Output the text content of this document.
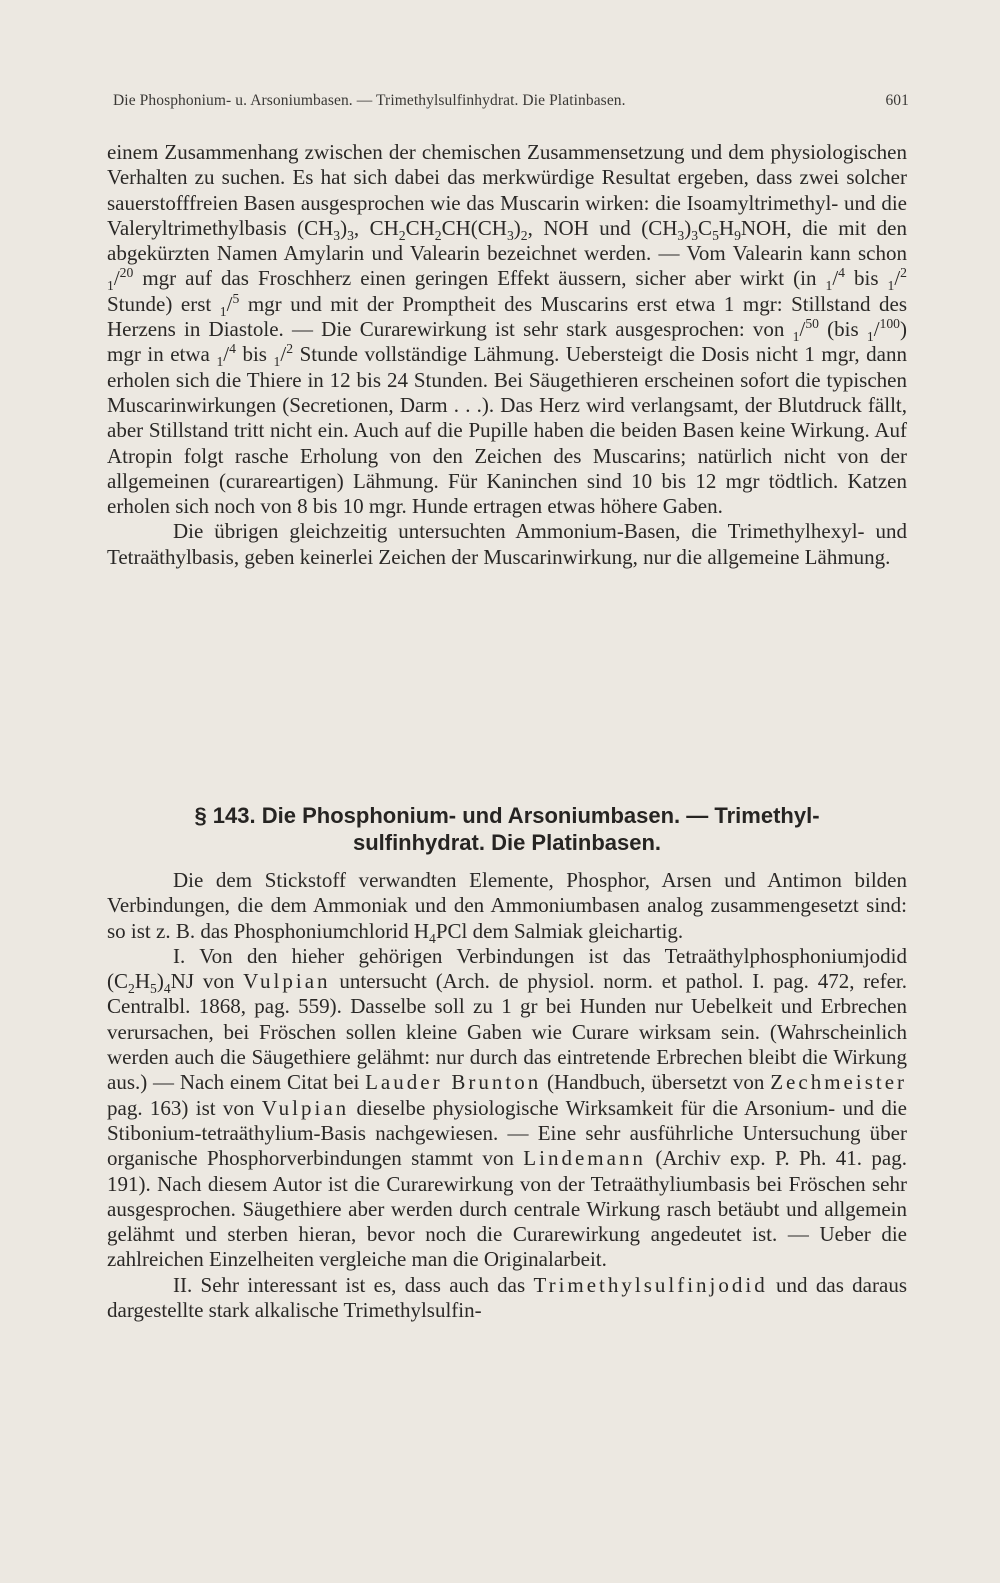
Die Phosphonium- u. Arsoniumbasen. — Trimethylsulfinhydrat. Die Platinbasen.	601

einem Zusammenhang zwischen der chemischen Zusammensetzung und dem physiologischen Verhalten zu suchen. Es hat sich dabei das merkwürdige Resultat ergeben, dass zwei solcher sauerstofffreien Basen ausgesprochen wie das Muscarin wirken: die Isoamyltrimethyl- und die Valeryltrimethylbasis $(CH_3)_3$, $CH_2CH_2CH(CH_3)_2$, NOH und $(CH_3)_3C_5H_9NOH$, die mit den abgekürzten Namen Amylarin und Valearin bezeichnet werden. — Vom Valearin kann schon $_1$/$^{20}$ mgr auf das Froschherz einen geringen Effekt äussern, sicher aber wirkt (in $_1$/$^4$ bis $_1$/$^2$ Stunde) erst $_1$/$^5$ mgr und mit der Promptheit des Muscarins erst etwa 1 mgr: Stillstand des Herzens in Diastole. — Die Curarewirkung ist sehr stark ausgesprochen: von $_1$/$^{50}$ (bis $_1$/$^{100}$) mgr in etwa $_1$/$^4$ bis $_1$/$^2$ Stunde vollständige Lähmung. Uebersteigt die Dosis nicht 1 mgr, dann erholen sich die Thiere in 12 bis 24 Stunden. Bei Säugethieren erscheinen sofort die typischen Muscarinwirkungen (Secretionen, Darm . . .). Das Herz wird verlangsamt, der Blutdruck fällt, aber Stillstand tritt nicht ein. Auch auf die Pupille haben die beiden Basen keine Wirkung. Auf Atropin folgt rasche Erholung von den Zeichen des Muscarins; natürlich nicht von der allgemeinen (curareartigen) Lähmung. Für Kaninchen sind 10 bis 12 mgr tödtlich. Katzen erholen sich noch von 8 bis 10 mgr. Hunde ertragen etwas höhere Gaben.

Die übrigen gleichzeitig untersuchten Ammonium-Basen, die Trimethylhexyl- und Tetraäthylbasis, geben keinerlei Zeichen der Muscarinwirkung, nur die allgemeine Lähmung.

§ 143. Die Phosphonium- und Arsoniumbasen. — Trimethyl-
sulfinhydrat. Die Platinbasen.

Die dem Stickstoff verwandten Elemente, Phosphor, Arsen und Antimon bilden Verbindungen, die dem Ammoniak und den Ammoniumbasen analog zusammengesetzt sind: so ist z. B. das Phosphoniumchlorid $H_4PCl$ dem Salmiak gleichartig.

I. Von den hieher gehörigen Verbindungen ist das Tetraäthylphosphoniumjodid $(C_2H_5)_4NJ$ von Vulpian untersucht (Arch. de physiol. norm. et pathol. I. pag. 472, refer. Centralbl. 1868, pag. 559). Dasselbe soll zu 1 gr bei Hunden nur Uebelkeit und Erbrechen verursachen, bei Fröschen sollen kleine Gaben wie Curare wirksam sein. (Wahrscheinlich werden auch die Säugethiere gelähmt: nur durch das eintretende Erbrechen bleibt die Wirkung aus.) — Nach einem Citat bei Lauder Brunton (Handbuch, übersetzt von Zechmeister pag. 163) ist von Vulpian dieselbe physiologische Wirksamkeit für die Arsonium- und die Stibonium-tetraäthylium-Basis nachgewiesen. — Eine sehr ausführliche Untersuchung über organische Phosphorverbindungen stammt von Lindemann (Archiv exp. P. Ph. 41. pag. 191). Nach diesem Autor ist die Curarewirkung von der Tetraäthyliumbasis bei Fröschen sehr ausgesprochen. Säugethiere aber werden durch centrale Wirkung rasch betäubt und allgemein gelähmt und sterben hieran, bevor noch die Curarewirkung angedeutet ist. — Ueber die zahlreichen Einzelheiten vergleiche man die Originalarbeit.

II. Sehr interessant ist es, dass auch das Trimethylsulfinjodid und das daraus dargestellte stark alkalische Trimethylsulfin-
